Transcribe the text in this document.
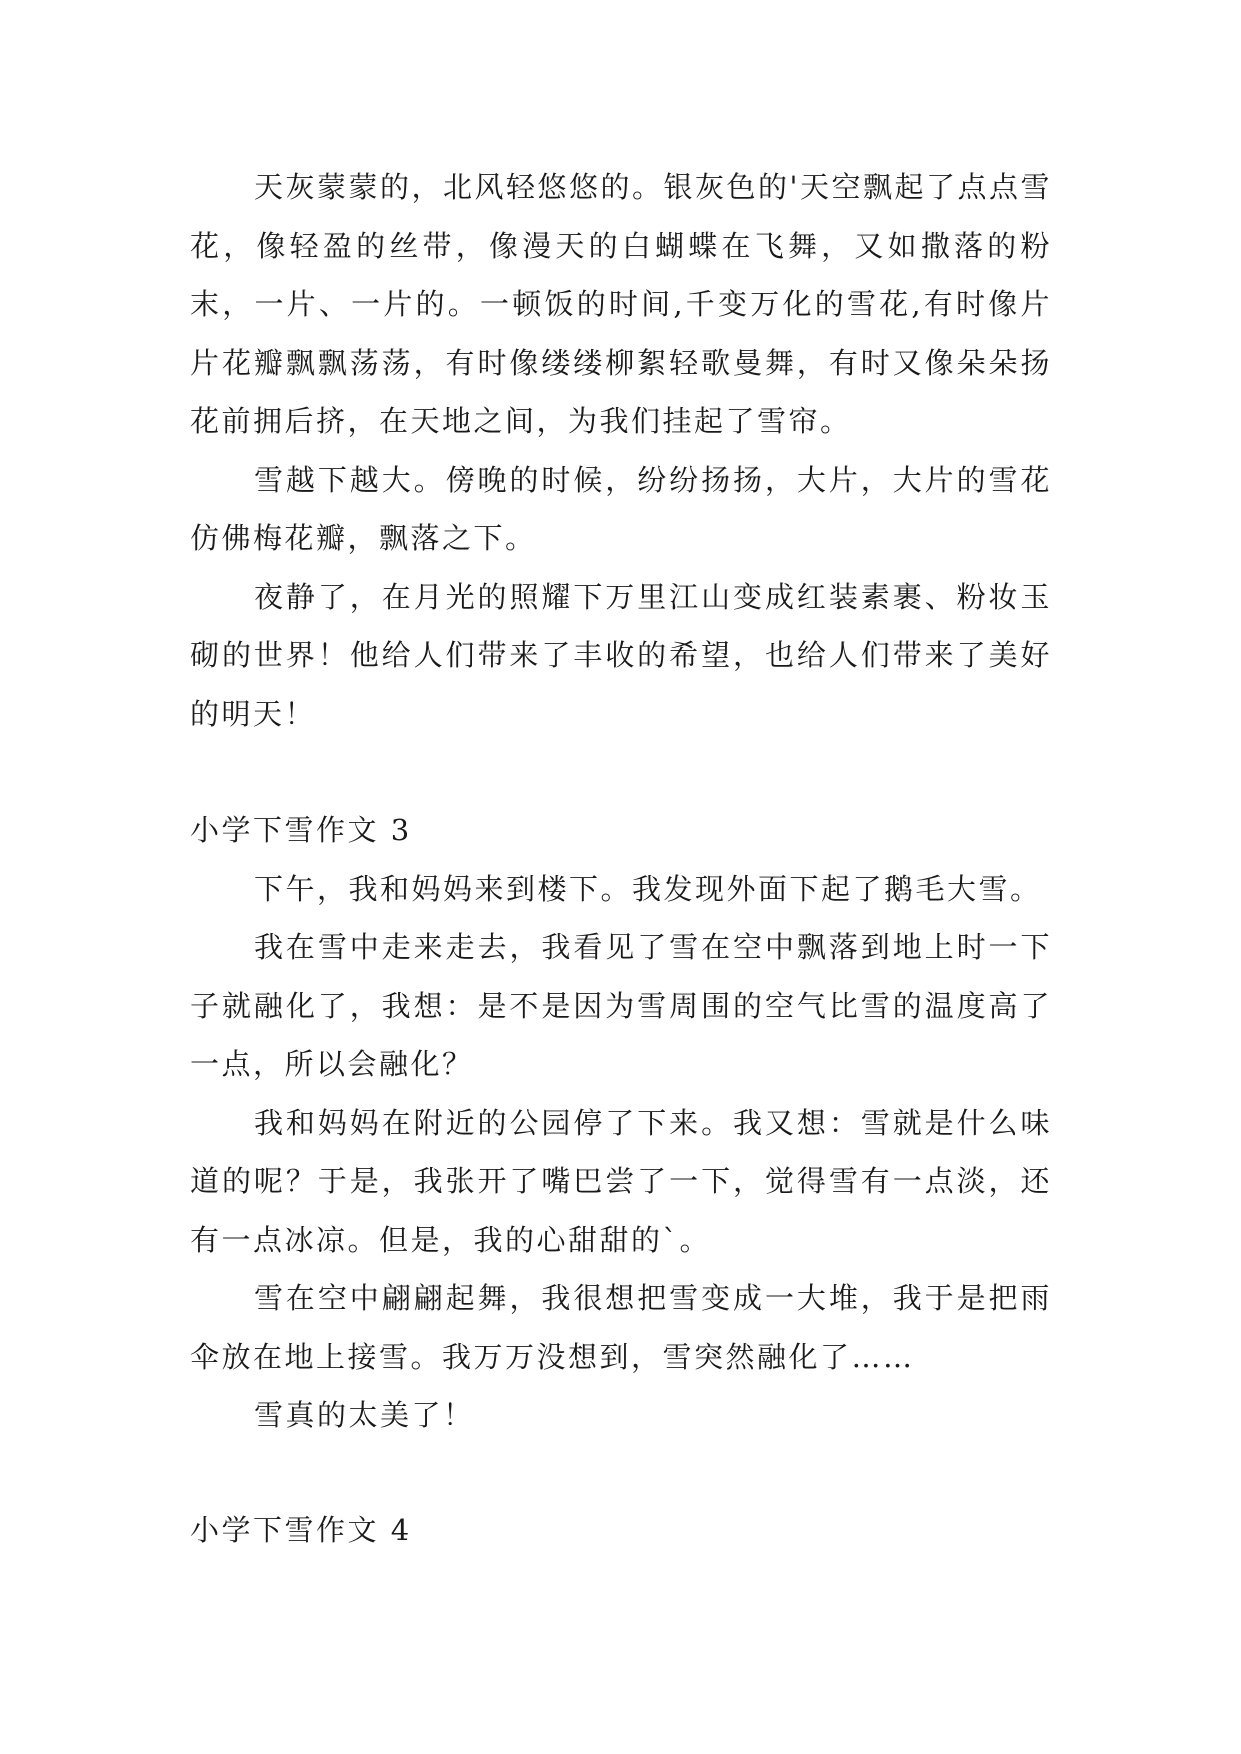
天灰蒙蒙的，北风轻悠悠的。银灰色的'天空飘起了点点雪花，像轻盈的丝带，像漫天的白蝴蝶在飞舞，又如撒落的粉末，一片、一片的。一顿饭的时间,千变万化的雪花,有时像片片花瓣飘飘荡荡，有时像缕缕柳絮轻歌曼舞，有时又像朵朵扬花前拥后挤，在天地之间，为我们挂起了雪帘。

雪越下越大。傍晚的时候，纷纷扬扬，大片，大片的雪花仿佛梅花瓣，飘落之下。

夜静了，在月光的照耀下万里江山变成红装素裹、粉妆玉砌的世界！他给人们带来了丰收的希望，也给人们带来了美好的明天！

小学下雪作文 3

下午，我和妈妈来到楼下。我发现外面下起了鹅毛大雪。

我在雪中走来走去，我看见了雪在空中飘落到地上时一下子就融化了，我想：是不是因为雪周围的空气比雪的温度高了一点，所以会融化？

我和妈妈在附近的公园停了下来。我又想：雪就是什么味道的呢？于是，我张开了嘴巴尝了一下，觉得雪有一点淡，还有一点冰凉。但是，我的心甜甜的`。

雪在空中翩翩起舞，我很想把雪变成一大堆，我于是把雨伞放在地上接雪。我万万没想到，雪突然融化了……

雪真的太美了！

小学下雪作文 4
